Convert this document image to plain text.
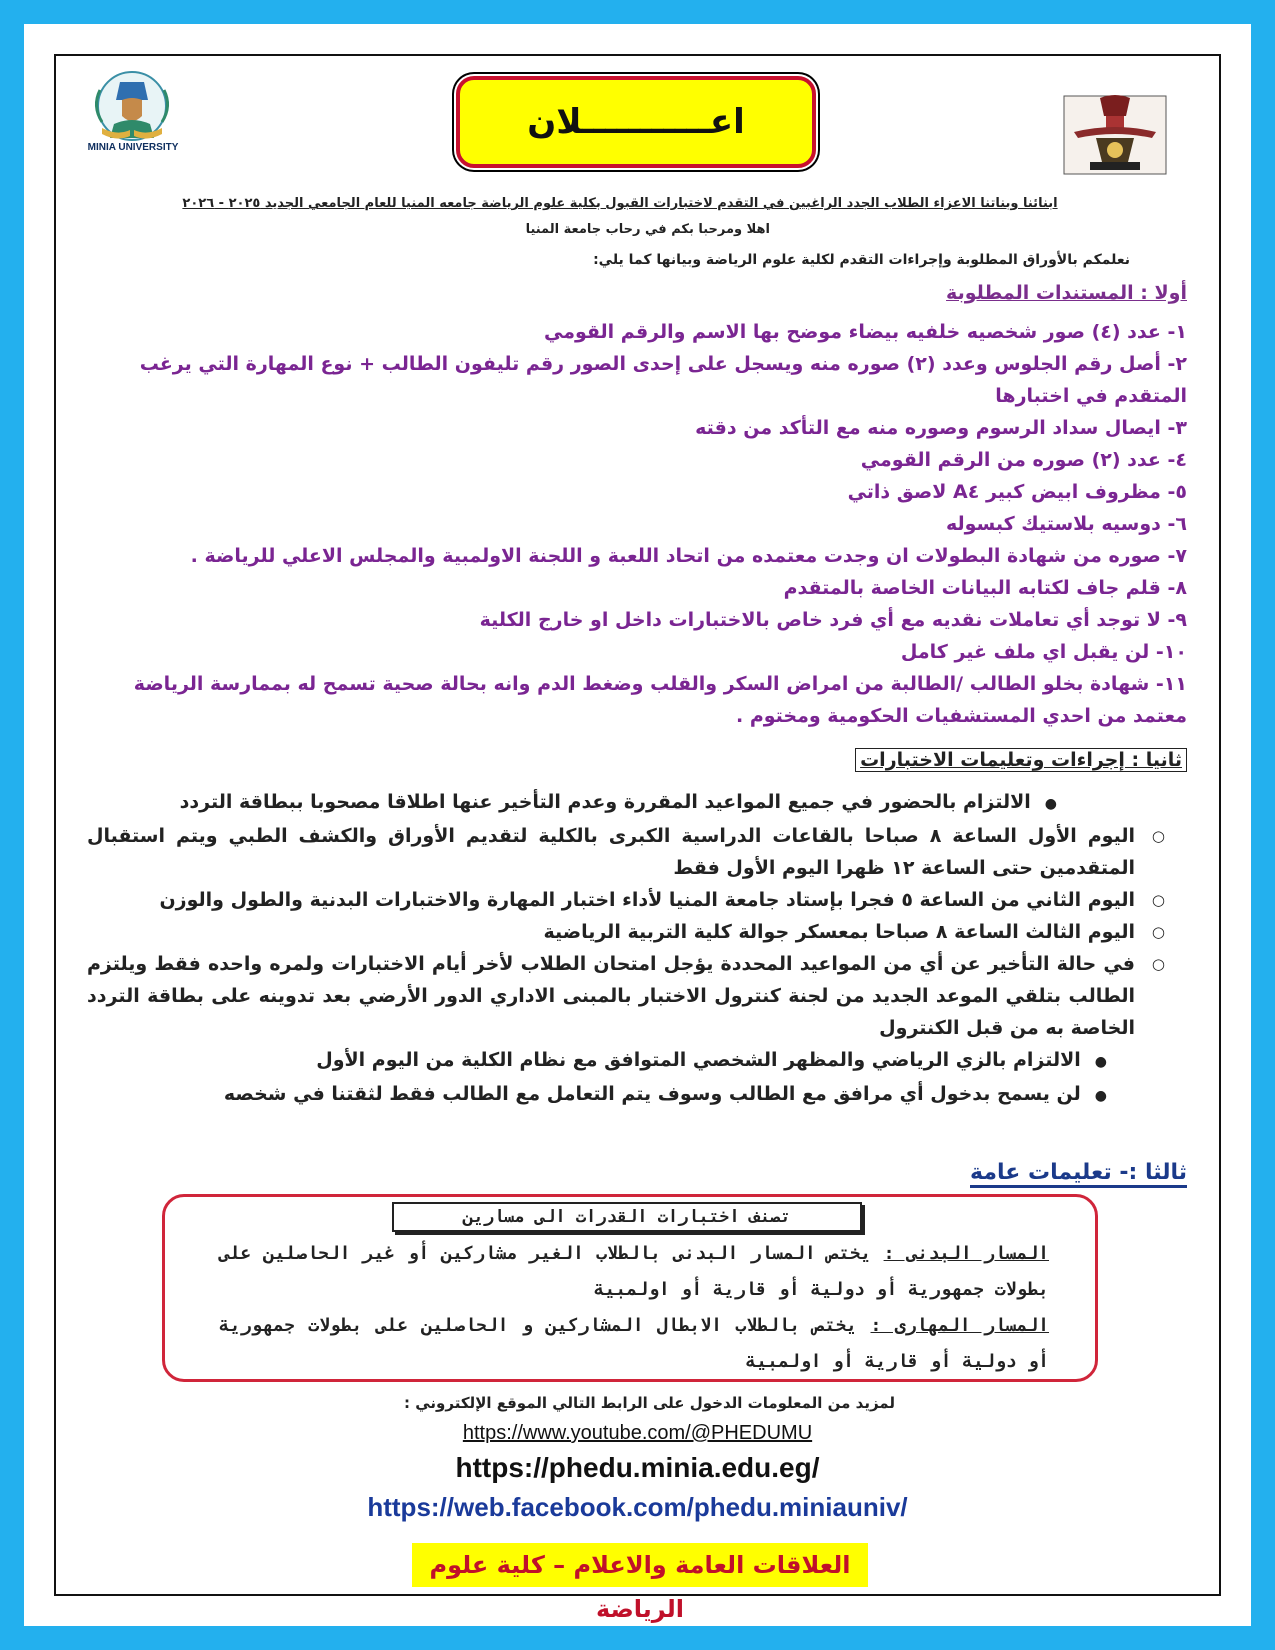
MINIA UNIVERSITY
اعـــــــــــلان
ابنائنا وبناتنا الاعزاء الطلاب الجدد الراغبين في التقدم لاختبارات القبول بكلية علوم الرياضة جامعه المنيا للعام الجامعي الجديد ٢٠٢٥ - ٢٠٢٦
اهلا ومرحبا بكم في رحاب جامعة المنيا
نعلمكم بالأوراق المطلوبة وإجراءات التقدم لكلية علوم الرياضة وبيانها كما يلي:
أولا : المستندات المطلوبة
١- عدد (٤) صور شخصيه خلفيه بيضاء موضح بها الاسم والرقم القومي
٢- أصل رقم الجلوس وعدد (٢) صوره منه ويسجل على إحدى الصور رقم تليفون الطالب + نوع المهارة التي يرغب المتقدم في اختبارها
٣- ايصال سداد الرسوم وصوره منه مع التأكد من دقته
٤- عدد (٢) صوره من الرقم القومي
٥- مظروف ابيض كبير A٤ لاصق ذاتي
٦- دوسيه بلاستيك كبسوله
٧- صوره من شهادة البطولات ان وجدت معتمده من اتحاد اللعبة و اللجنة الاولمبية والمجلس الاعلي للرياضة .
٨- قلم جاف لكتابه البيانات الخاصة بالمتقدم
٩- لا توجد أي تعاملات نقديه مع أي فرد خاص بالاختبارات داخل او خارج الكلية
١٠- لن يقبل اي ملف غير كامل
١١- شهادة بخلو الطالب /الطالبة من امراض السكر والقلب وضغط الدم وانه بحالة صحية تسمح له بممارسة الرياضة معتمد من احدي المستشفيات الحكومية ومختوم .
ثانيا : إجراءات وتعليمات الاختبارات
●الالتزام بالحضور في جميع المواعيد المقررة وعدم التأخير عنها اطلاقا مصحوبا ببطاقة التردد
○
اليوم الأول الساعة ٨ صباحا بالقاعات الدراسية الكبرى بالكلية لتقديم الأوراق والكشف الطبي ويتم استقبال المتقدمين حتى الساعة ١٢ ظهرا اليوم الأول فقط
○
اليوم الثاني من الساعة ٥ فجرا بإستاد جامعة المنيا لأداء اختبار المهارة والاختبارات البدنية والطول والوزن
○
اليوم الثالث الساعة ٨ صباحا بمعسكر جوالة كلية التربية الرياضية
○
في حالة التأخير عن أي من المواعيد المحددة يؤجل امتحان الطلاب لأخر أيام الاختبارات ولمره واحده فقط ويلتزم الطالب بتلقي الموعد الجديد من لجنة كنترول الاختبار بالمبنى الاداري الدور الأرضي بعد تدوينه على بطاقة التردد الخاصة به من قبل الكنترول
●الالتزام بالزي الرياضي والمظهر الشخصي المتوافق مع نظام الكلية من اليوم الأول
●لن يسمح بدخول أي مرافق مع الطالب وسوف يتم التعامل مع الطالب فقط لثقتنا في شخصه
ثالثا :- تعليمات عامة
تصنف اختبارات القدرات الى مسارين
المسار البدنى : يختص المسار البدنى بالطلاب الغير مشاركين أو غير الحاصلين على بطولات جمهورية أو دولية أو قارية أو اولمبية
المسار المهارى : يختص بالطلاب الابطال المشاركين و الحاصلين على بطولات جمهورية أو دولية أو قارية أو اولمبية
لمزيد من المعلومات الدخول على الرابط التالي الموقع الإلكتروني :
https://www.youtube.com/@PHEDUMU
https://phedu.minia.edu.eg/
https://web.facebook.com/phedu.miniauniv/
العلاقات العامة والاعلام – كلية علوم الرياضة
